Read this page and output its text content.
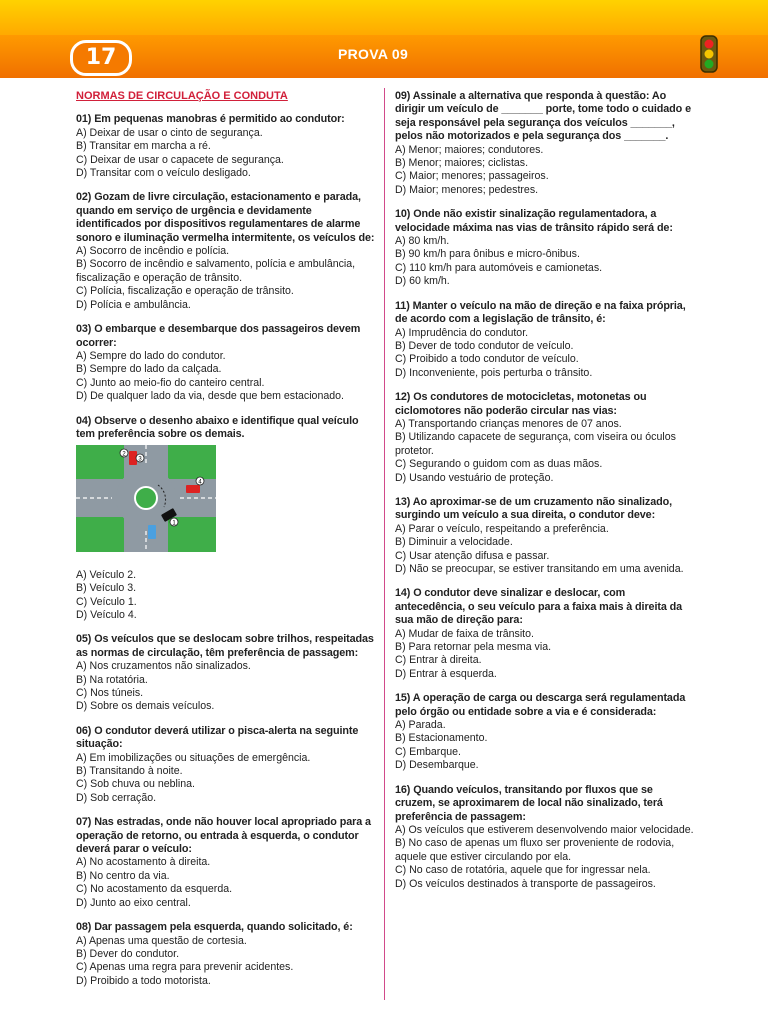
17	PROVA 09
NORMAS DE CIRCULAÇÃO E CONDUTA
01) Em pequenas manobras é permitido ao condutor:
A) Deixar de usar o cinto de segurança.
B) Transitar em marcha a ré.
C) Deixar de usar o capacete de segurança.
D) Transitar com o veículo desligado.
02) Gozam de livre circulação, estacionamento e parada, quando em serviço de urgência e devidamente identificados por dispositivos regulamentares de alarme sonoro e iluminação vermelha intermitente, os veículos de:
A) Socorro de incêndio e polícia.
B) Socorro de incêndio e salvamento, polícia e ambulância, fiscalização e operação de trânsito.
C) Polícia, fiscalização e operação de trânsito.
D) Polícia e ambulância.
03) O embarque e desembarque dos passageiros devem ocorrer:
A) Sempre do lado do condutor.
B) Sempre do lado da calçada.
C) Junto ao meio-fio do canteiro central.
D) De qualquer lado da via, desde que bem estacionado.
04) Observe o desenho abaixo e identifique qual veículo tem preferência sobre os demais.
2
3
4
1
A) Veículo 2.
B) Veículo 3.
C) Veículo 1.
D) Veículo 4.
05) Os veículos que se deslocam sobre trilhos, respeitadas as normas de circulação, têm preferência de passagem:
A) Nos cruzamentos não sinalizados.
B) Na rotatória.
C) Nos túneis.
D) Sobre os demais veículos.
06) O condutor deverá utilizar o pisca-alerta na seguinte situação:
A) Em imobilizações ou situações de emergência.
B) Transitando à noite.
C) Sob chuva ou neblina.
D) Sob cerração.
07) Nas estradas, onde não houver local apropriado para a operação de retorno, ou entrada à esquerda, o condutor deverá parar o veículo:
A) No acostamento à direita.
B) No centro da via.
C) No acostamento da esquerda.
D) Junto ao eixo central.
08) Dar passagem pela esquerda, quando solicitado, é:
A) Apenas uma questão de cortesia.
B) Dever do condutor.
C) Apenas uma regra para prevenir acidentes.
D) Proibido a todo motorista.
09) Assinale a alternativa que responda à questão: Ao dirigir um veículo de _______ porte, tome todo o cuidado e seja responsável pela segurança dos veículos _______, pelos não motorizados e pela segurança dos _______.
A) Menor; maiores; condutores.
B) Menor; maiores; ciclistas.
C) Maior; menores; passageiros.
D) Maior; menores; pedestres.
10) Onde não existir sinalização regulamentadora, a velocidade máxima nas vias de trânsito rápido será de:
A) 80 km/h.
B) 90 km/h para ônibus e micro-ônibus.
C) 110 km/h para automóveis e camionetas.
D) 60 km/h.
11) Manter o veículo na mão de direção e na faixa própria, de acordo com a legislação de trânsito, é:
A) Imprudência do condutor.
B) Dever de todo condutor de veículo.
C) Proibido a todo condutor de veículo.
D) Inconveniente, pois perturba o trânsito.
12) Os condutores de motocicletas, motonetas ou ciclomotores não poderão circular nas vias:
A) Transportando crianças menores de 07 anos.
B) Utilizando capacete de segurança, com viseira ou óculos protetor.
C) Segurando o guidom com as duas mãos.
D) Usando vestuário de proteção.
13) Ao aproximar-se de um cruzamento não sinalizado, surgindo um veículo a sua direita, o condutor deve:
A) Parar o veículo, respeitando a preferência.
B) Diminuir a velocidade.
C) Usar atenção difusa e passar.
D) Não se preocupar, se estiver transitando em uma avenida.
14) O condutor deve sinalizar e deslocar, com antecedência, o seu veículo para a faixa mais à direita da sua mão de direção para:
A) Mudar de faixa de trânsito.
B) Para retornar pela mesma via.
C) Entrar à direita.
D) Entrar à esquerda.
15) A operação de carga ou descarga será regulamentada pelo órgão ou entidade sobre a via e é considerada:
A) Parada.
B) Estacionamento.
C) Embarque.
D) Desembarque.
16) Quando veículos, transitando por fluxos que se cruzem, se aproximarem de local não sinalizado, terá preferência de passagem:
A) Os veículos que estiverem desenvolvendo maior velocidade.
B) No caso de apenas um fluxo ser proveniente de rodovia, aquele que estiver circulando por ela.
C) No caso de rotatória, aquele que for ingressar nela.
D) Os veículos destinados à transporte de passageiros.
